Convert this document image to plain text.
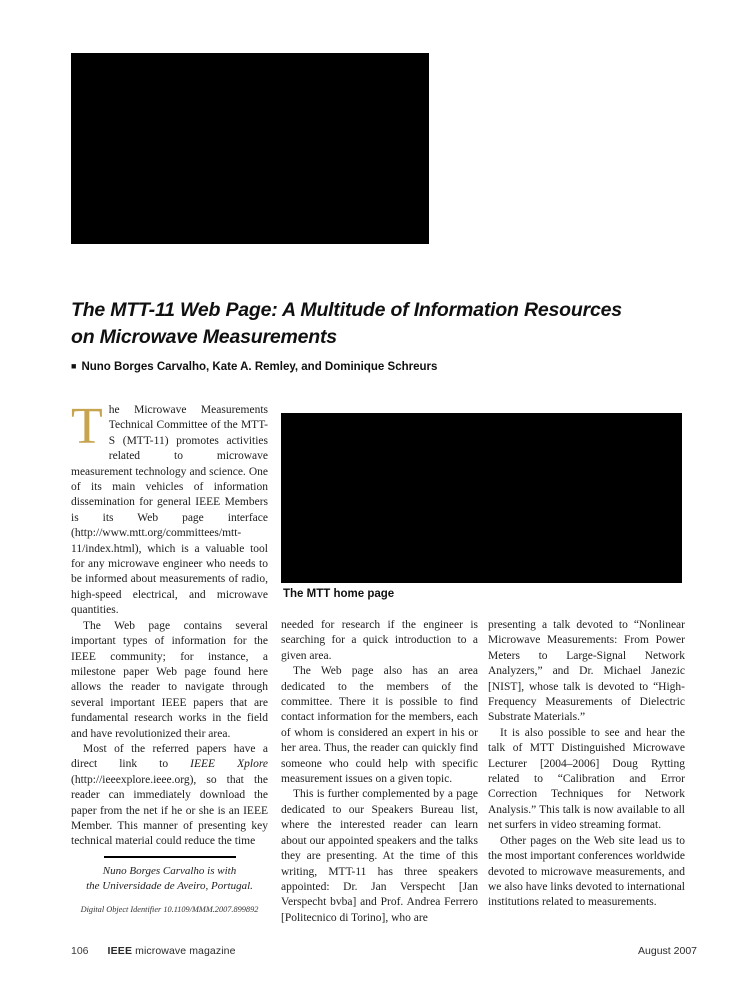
The MTT-11 Web Page: A Multitude of Information Resources
on Microwave Measurements
■ Nuno Borges Carvalho, Kate A. Remley, and Dominique Schreurs

The Microwave Measurements Technical Committee of the MTT-S (MTT-11) promotes activities related to microwave measurement technology and science. One of its main vehicles of information dissemination for general IEEE Members is its Web page interface (http://www.mtt.org/committees/mtt-11/index.html), which is a valuable tool for any microwave engineer who needs to be informed about measurements of radio, high-speed electrical, and microwave quantities.

The Web page contains several important types of information for the IEEE community; for instance, a milestone paper Web page found here allows the reader to navigate through several important IEEE papers that are fundamental research works in the field and have revolutionized their area.

Most of the referred papers have a direct link to IEEE Xplore (http://ieeexplore.ieee.org), so that the reader can immediately download the paper from the net if he or she is an IEEE Member. This manner of presenting key technical material could reduce the time

Nuno Borges Carvalho is with
the Universidade de Aveiro, Portugal.
Digital Object Identifier 10.1109/MMM.2007.899892
The MTT home page

needed for research if the engineer is searching for a quick introduction to a given area.

The Web page also has an area dedicated to the members of the committee. There it is possible to find contact information for the members, each of whom is considered an expert in his or her area. Thus, the reader can quickly find someone who could help with specific measurement issues on a given topic.

This is further complemented by a page dedicated to our Speakers Bureau list, where the interested reader can learn about our appointed speakers and the talks they are presenting. At the time of this writing, MTT-11 has three speakers appointed: Dr. Jan Verspecht [Jan Verspecht bvba] and Prof. Andrea Ferrero [Politecnico di Torino], who are

presenting a talk devoted to “Nonlinear Microwave Measurements: From Power Meters to Large-Signal Network Analyzers,” and Dr. Michael Janezic [NIST], whose talk is devoted to “High-Frequency Measurements of Dielectric Substrate Materials.”

It is also possible to see and hear the talk of MTT Distinguished Microwave Lecturer [2004–2006] Doug Rytting related to “Calibration and Error Correction Techniques for Network Analysis.” This talk is now available to all net surfers in video streaming format.

Other pages on the Web site lead us to the most important conferences worldwide devoted to microwave measurements, and we also have links devoted to international institutions related to measurements.

106 IEEE microwave magazine	August 2007
